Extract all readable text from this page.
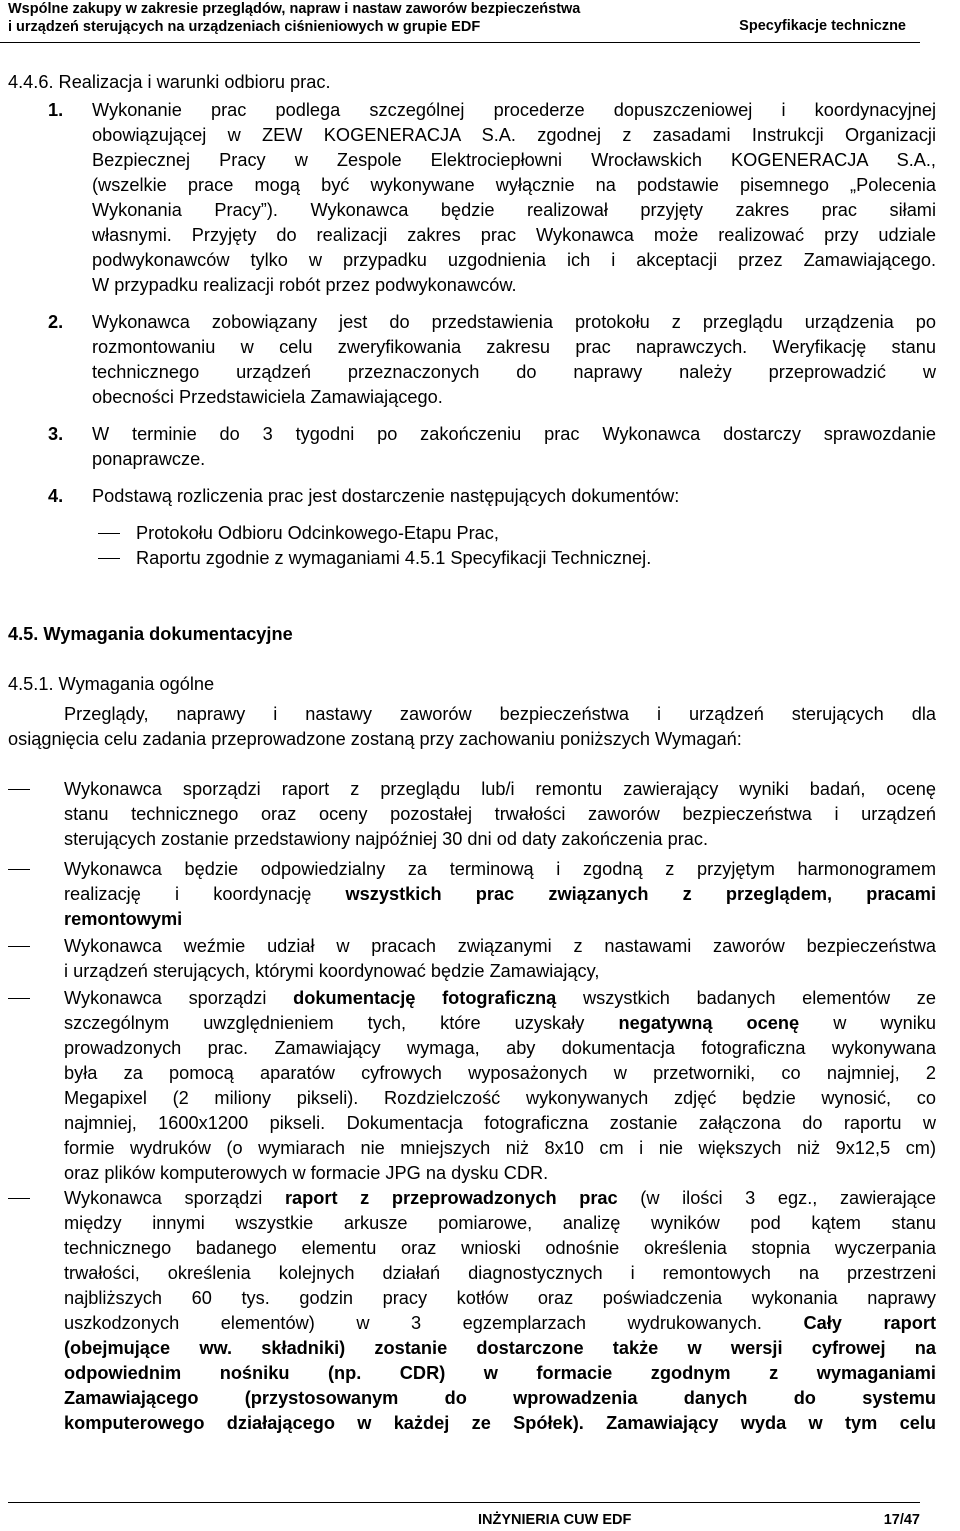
Wspólne zakupy w zakresie przeglądów, napraw i nastaw zaworów bezpieczeństwa
i urządzeń sterujących na urządzeniach ciśnieniowych w grupie EDF	Specyfikacje techniczne
4.4.6. Realizacja i warunki odbioru prac.
1. Wykonanie prac podlega szczególnej procederze dopuszczeniowej i koordynacyjnej
obowiązującej w ZEW KOGENERACJA S.A. zgodnej z zasadami Instrukcji Organizacji
Bezpiecznej Pracy w Zespole Elektrociepłowni Wrocławskich KOGENERACJA S.A.,
(wszelkie prace mogą być wykonywane wyłącznie na podstawie pisemnego „Polecenia
Wykonania Pracy”). Wykonawca będzie realizował przyjęty zakres prac siłami
własnymi. Przyjęty do realizacji zakres prac Wykonawca może realizować przy udziale
podwykonawców tylko w przypadku uzgodnienia ich i akceptacji przez Zamawiającego.
W przypadku realizacji robót przez podwykonawców.
2. Wykonawca zobowiązany jest do przedstawienia protokołu z przeglądu urządzenia po
rozmontowaniu w celu zweryfikowania zakresu prac naprawczych. Weryfikację stanu
technicznego urządzeń przeznaczonych do naprawy należy przeprowadzić w
obecności Przedstawiciela Zamawiającego.
3. W terminie do 3 tygodni po zakończeniu prac Wykonawca dostarczy sprawozdanie
ponaprawcze.
4. Podstawą rozliczenia prac jest dostarczenie następujących dokumentów:
Protokołu Odbioru Odcinkowego-Etapu Prac,
Raportu zgodnie z wymaganiami 4.5.1 Specyfikacji Technicznej.
4.5. Wymagania dokumentacyjne
4.5.1. Wymagania ogólne
Przeglądy, naprawy i nastawy zaworów bezpieczeństwa i urządzeń sterujących dla
osiągnięcia celu zadania przeprowadzone zostaną przy zachowaniu poniższych Wymagań:
Wykonawca sporządzi raport z przeglądu lub/i remontu zawierający wyniki badań, ocenę
stanu technicznego oraz oceny pozostałej trwałości zaworów bezpieczeństwa i urządzeń
sterujących zostanie przedstawiony najpóźniej 30 dni od daty zakończenia prac.
Wykonawca będzie odpowiedzialny za terminową i zgodną z przyjętym harmonogramem
realizację i koordynację wszystkich prac związanych z przeglądem, pracami
remontowymi
Wykonawca weźmie udział w pracach związanymi z nastawami zaworów bezpieczeństwa
i urządzeń sterujących, którymi koordynować będzie Zamawiający,
Wykonawca sporządzi dokumentację fotograficzną wszystkich badanych elementów ze
szczególnym uwzględnieniem tych, które uzyskały negatywną ocenę w wyniku
prowadzonych prac. Zamawiający wymaga, aby dokumentacja fotograficzna wykonywana
była za pomocą aparatów cyfrowych wyposażonych w przetworniki, co najmniej, 2
Megapixel (2 miliony pikseli). Rozdzielczość wykonywanych zdjęć będzie wynosić, co
najmniej, 1600x1200 pikseli. Dokumentacja fotograficzna zostanie załączona do raportu w
formie wydruków (o wymiarach nie mniejszych niż 8x10 cm i nie większych niż 9x12,5 cm)
oraz plików komputerowych w formacie JPG na dysku CDR.
Wykonawca sporządzi raport z przeprowadzonych prac (w ilości 3 egz., zawierające
między innymi wszystkie arkusze pomiarowe, analizę wyników pod kątem stanu
technicznego badanego elementu oraz wnioski odnośnie określenia stopnia wyczerpania
trwałości, określenia kolejnych działań diagnostycznych i remontowych na przestrzeni
najbliższych 60 tys. godzin pracy kotłów oraz poświadczenia wykonania naprawy
uszkodzonych elementów) w 3 egzemplarzach wydrukowanych. Cały raport
(obejmujące ww. składniki) zostanie dostarczone także w wersji cyfrowej na
odpowiednim nośniku (np. CDR) w formacie zgodnym z wymaganiami
Zamawiającego (przystosowanym do wprowadzenia danych do systemu
komputerowego działającego w każdej ze Spółek). Zamawiający wyda w tym celu
INŻYNIERIA CUW EDF	17/47
